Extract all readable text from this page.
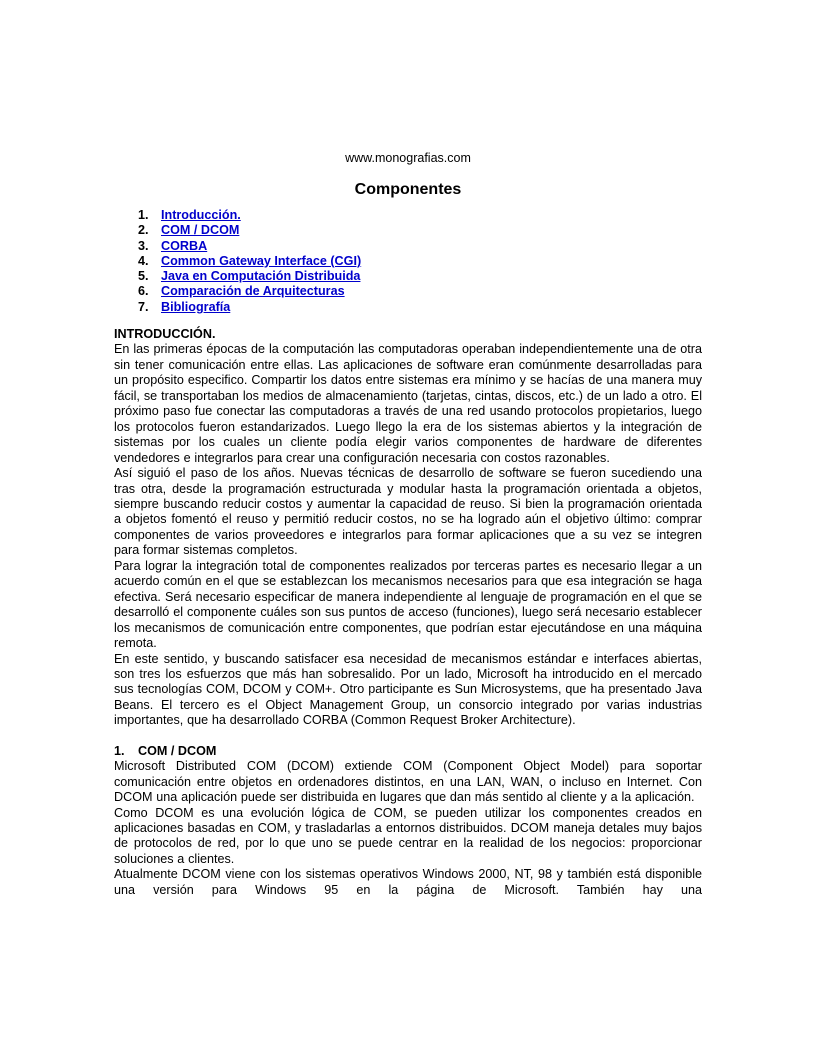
www.monografias.com
Componentes
1. Introducción.
2. COM / DCOM
3. CORBA
4. Common Gateway Interface (CGI)
5. Java en Computación Distribuida
6. Comparación de Arquitecturas
7. Bibliografía
INTRODUCCIÓN.

En las primeras épocas de la computación las computadoras operaban independientemente una de otra sin tener comunicación entre ellas. Las aplicaciones de software eran comúnmente desarrolladas para un propósito especifico. Compartir los datos entre sistemas era mínimo y se hacías de una manera muy fácil, se transportaban los medios de almacenamiento (tarjetas, cintas, discos, etc.) de un lado a otro. El próximo paso fue conectar las computadoras a través de una red usando protocolos propietarios, luego los protocolos fueron estandarizados. Luego llego la era de los sistemas abiertos y la integración de sistemas por los cuales un cliente podía elegir varios componentes de hardware de diferentes vendedores e integrarlos para crear una configuración necesaria con costos razonables.

Así siguió el paso de los años. Nuevas técnicas de desarrollo de software se fueron sucediendo una tras otra, desde la programación estructurada y modular hasta la programación orientada a objetos, siempre buscando reducir costos y aumentar la capacidad de reuso. Si bien la programación orientada a objetos fomentó el reuso y permitió reducir costos, no se ha logrado aún el objetivo último: comprar componentes de varios proveedores e integrarlos para formar aplicaciones que a su vez se integren para formar sistemas completos.

Para lograr la integración total de componentes realizados por terceras partes es necesario llegar a un acuerdo común en el que se establezcan los mecanismos necesarios para que esa integración se haga efectiva. Será necesario especificar de manera independiente al lenguaje de programación en el que se desarrolló el componente cuáles son sus puntos de acceso (funciones), luego será necesario establecer los mecanismos de comunicación entre componentes, que podrían estar ejecutándose en una máquina remota.

En este sentido, y buscando satisfacer esa necesidad de mecanismos estándar e interfaces abiertas, son tres los esfuerzos que más han sobresalido. Por un lado, Microsoft ha introducido en el mercado sus tecnologías COM, DCOM y COM+. Otro participante es Sun Microsystems, que ha presentado Java Beans. El tercero es el Object Management Group, un consorcio integrado por varias industrias importantes, que ha desarrollado CORBA (Common Request Broker Architecture).

1. COM / DCOM

Microsoft Distributed COM (DCOM) extiende COM (Component Object Model) para soportar comunicación entre objetos en ordenadores distintos, en una LAN, WAN, o incluso en Internet. Con DCOM una aplicación puede ser distribuida en lugares que dan más sentido al cliente y a la aplicación.

Como DCOM es una evolución lógica de COM, se pueden utilizar los componentes creados en aplicaciones basadas en COM, y trasladarlas a entornos distribuidos. DCOM maneja detales muy bajos de protocolos de red, por lo que uno se puede centrar en la realidad de los negocios: proporcionar soluciones a clientes.

Atualmente DCOM viene con los sistemas operativos Windows 2000, NT, 98 y también está disponible una versión para Windows 95 en la página de Microsoft. También hay una
